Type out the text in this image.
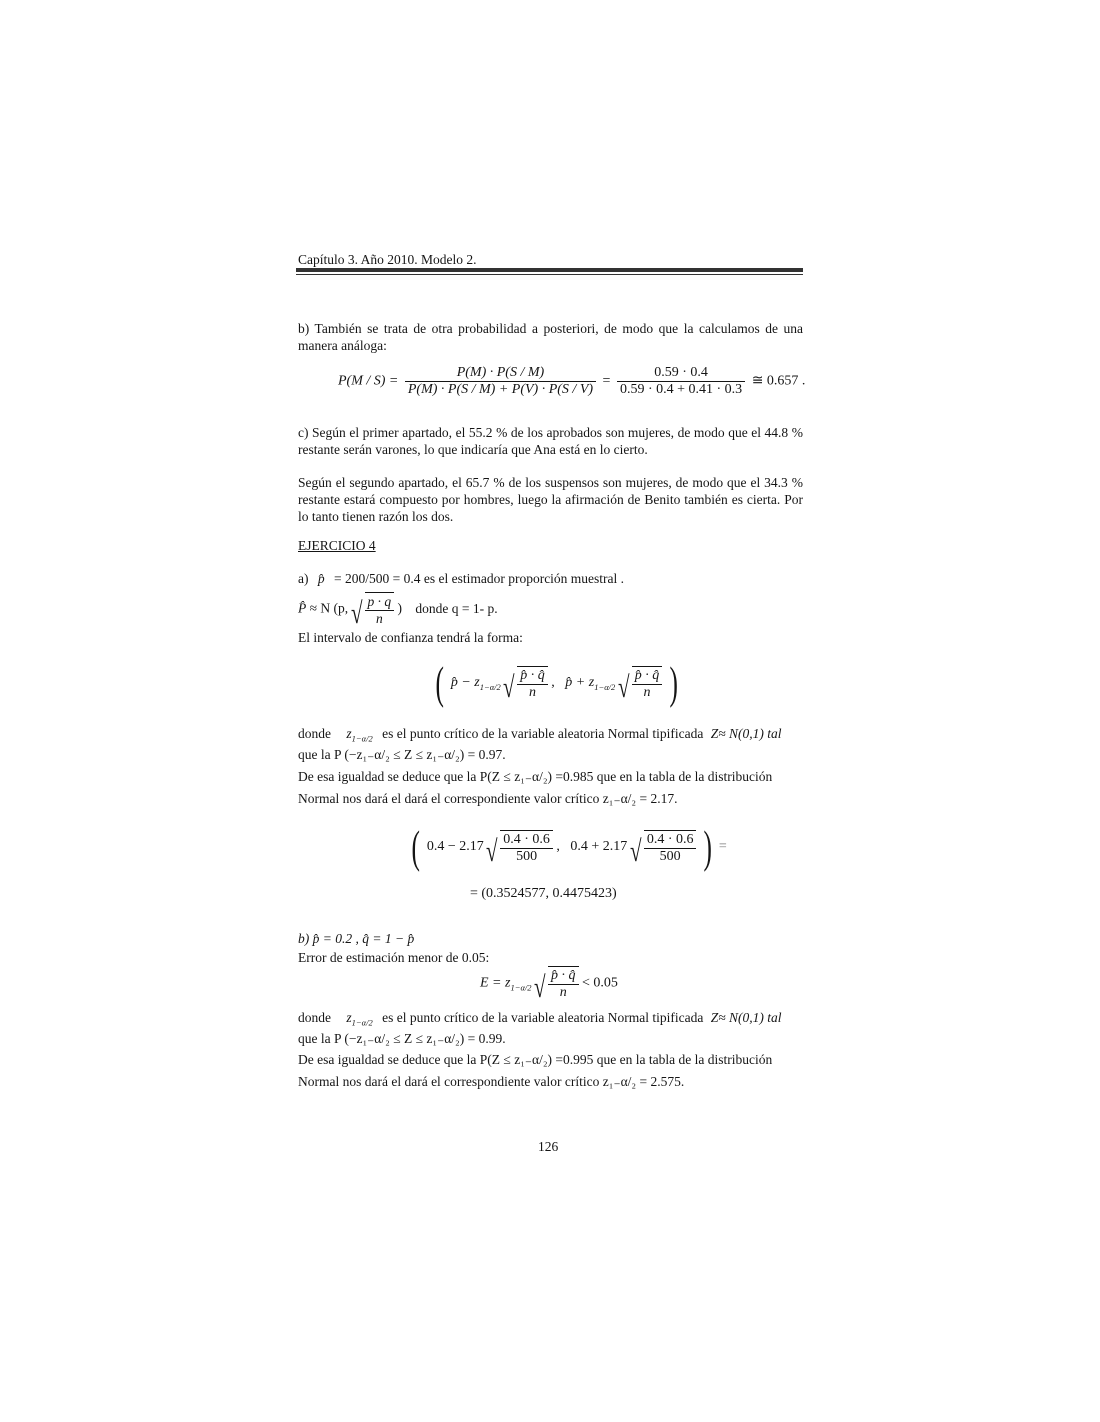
Capítulo 3. Año 2010. Modelo 2.

b) También se trata de otra probabilidad a posteriori, de modo que la calculamos de una manera análoga:

$P(M / S) = \frac{P(M) \cdot P(S / M)}{P(M) \cdot P(S / M) + P(V) \cdot P(S / V)} = \frac{0.59 \cdot 0.4}{0.59 \cdot 0.4 + 0.41 \cdot 0.3}$ ≅ 0.657 .

c) Según el primer apartado, el 55.2 % de los aprobados son mujeres, de modo que el 44.8 % restante serán varones, lo que indicaría que Ana está en lo cierto.

Según el segundo apartado, el 65.7 % de los suspensos son mujeres, de modo que el 34.3 % restante estará compuesto por hombres, luego la afirmación de Benito también es cierta. Por lo tanto tienen razón los dos.

EJERCICIO 4
a) p̂ = 200/500 = 0.4 es el estimador proporción muestral .
P̂ ≈ N (p, √ $\frac{p \cdot q}{n}$ ) donde q = 1- p.
El intervalo de confianza tendrá la forma:
( p̂ − $z_{1-\alpha/2}$ √ $\frac{p̂ \cdot q̂}{n}$ ,   p̂ + $z_{1-\alpha/2}$ √ $\frac{p̂ \cdot q̂}{n}$ )
donde $z_{1-\alpha/2}$ es el punto crítico de la variable aleatoria Normal tipificada Z≈ N(0,1) tal
que la P (−z₁₋α/₂ ≤ Z ≤ z₁₋α/₂) = 0.97.
De esa igualdad se deduce que la P(Z ≤ z₁₋α/₂) =0.985 que en la tabla de la distribución
Normal nos dará el dará el correspondiente valor crítico z₁₋α/₂ = 2.17.
( 0.4 − 2.17 √ $\frac{0.4 \cdot 0.6}{500}$ ,   0.4 + 2.17 √ $\frac{0.4 \cdot 0.6}{500}$ ) =
= (0.3524577, 0.4475423)
b) p̂ = 0.2 , q̂ = 1 − p̂
Error de estimación menor de 0.05:
$E = z_{1-\alpha/2}$ √ $\frac{p̂ \cdot q̂}{n} < 0.05$
donde $z_{1-\alpha/2}$ es el punto crítico de la variable aleatoria Normal tipificada Z≈ N(0,1) tal
que la P (−z₁₋α/₂ ≤ Z ≤ z₁₋α/₂) = 0.99.
De esa igualdad se deduce que la P(Z ≤ z₁₋α/₂) =0.995 que en la tabla de la distribución
Normal nos dará el dará el correspondiente valor crítico z₁₋α/₂ = 2.575.
126
